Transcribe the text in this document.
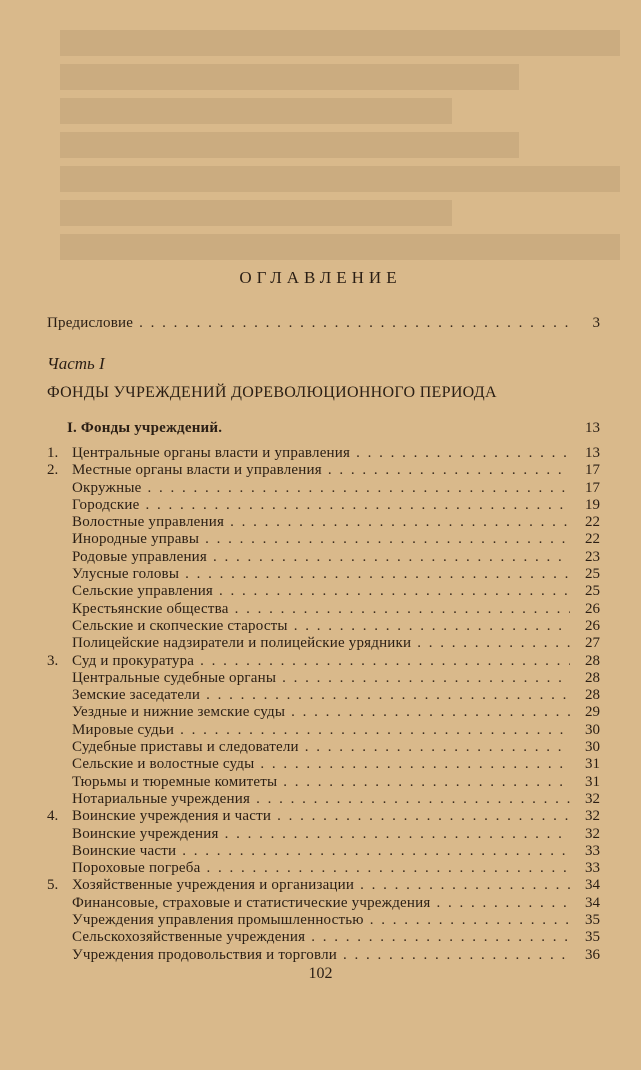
ОГЛАВЛЕНИЕ
Предисловие . . .	3
Часть I
ФОНДЫ УЧРЕЖДЕНИЙ ДОРЕВОЛЮЦИОННОГО ПЕРИОДА
I. Фонды учреждений.	13
1. Центральные органы власти и управления . . .	13
2. Местные органы власти и управления . . .	17
Окружные . . .	17
Городские . . .	19
Волостные управления . . .	22
Инородные управы . . .	22
Родовые управления . . .	23
Улусные головы . . .	25
Сельские управления . . .	25
Крестьянские общества . . .	26
Сельские и скопческие старосты . . .	26
Полицейские надзиратели и полицейские урядники . . .	27
3. Суд и прокуратура . . .	28
Центральные судебные органы . . .	28
Земские заседатели . . .	28
Уездные и нижние земские суды . . .	29
Мировые судьи . . .	30
Судебные приставы и следователи . . .	30
Сельские и волостные суды . . .	31
Тюрьмы и тюремные комитеты . . .	31
Нотариальные учреждения . . .	32
4. Воинские учреждения и части . . .	32
Воинские учреждения . . .	32
Воинские части . . .	33
Пороховые погреба . . .	33
5. Хозяйственные учреждения и организации . . .	34
Финансовые, страховые и статистические учреждения . . .	34
Учреждения управления промышленностью . . .	35
Сельскохозяйственные учреждения . . .	35
Учреждения продовольствия и торговли . . .	36
102
